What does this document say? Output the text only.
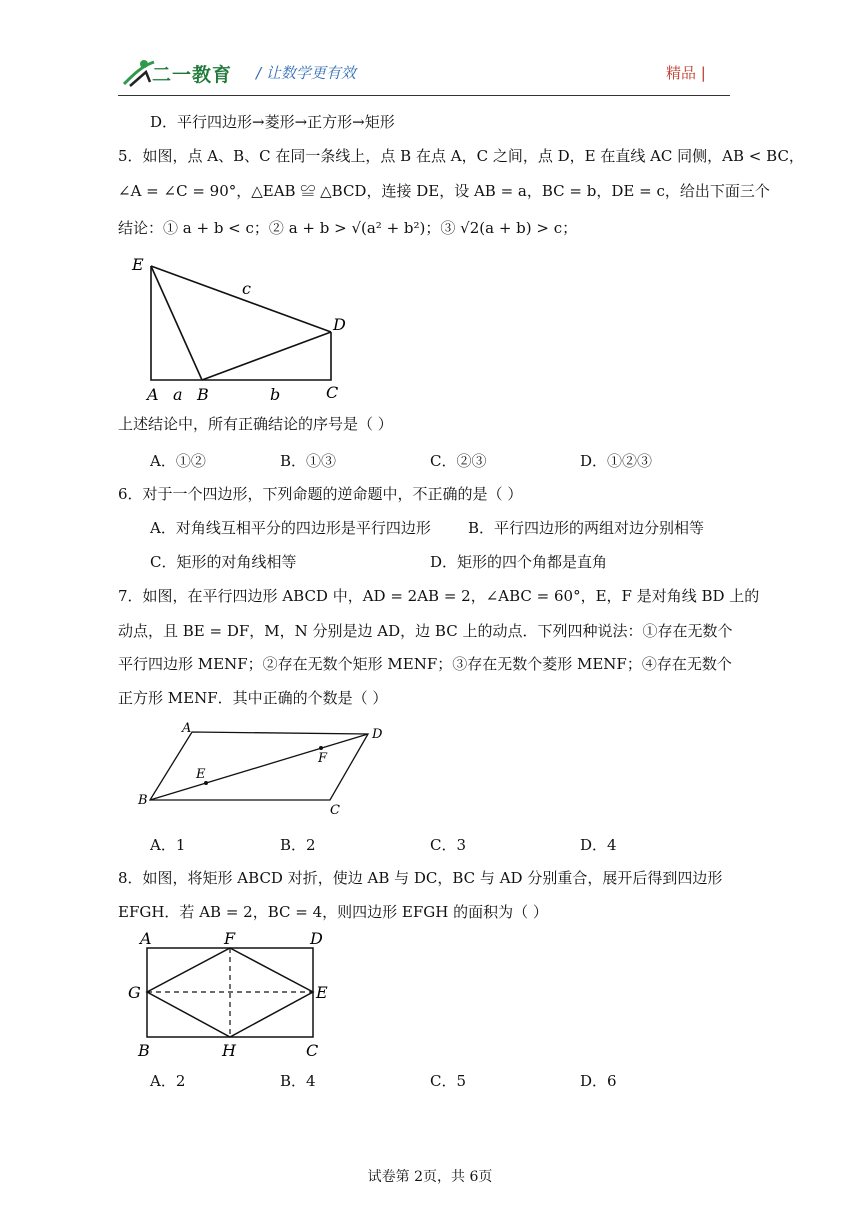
二一教育 / 让数学更有效	精品 |
D．平行四边形→菱形→正方形→矩形
5．如图，点 A、B、C 在同一条线上，点 B 在点 A，C 之间，点 D，E 在直线 AC 同侧，AB < BC，
∠A = ∠C = 90°，△EAB ≌ △BCD，连接 DE，设 AB = a，BC = b，DE = c，给出下面三个
结论：① a + b < c；② a + b > √(a² + b²)；③ √2(a + b) > c；
E
D
c
A a B	b	C
上述结论中，所有正确结论的序号是（ ）
A．①②	B．①③	C．②③	D．①②③
6．对于一个四边形，下列命题的逆命题中，不正确的是（ ）
A．对角线互相平分的四边形是平行四边形 B．平行四边形的两组对边分别相等
C．矩形的对角线相等	D．矩形的四个角都是直角
7．如图，在平行四边形 ABCD 中，AD = 2AB = 2，∠ABC = 60°，E，F 是对角线 BD 上的
动点，且 BE = DF，M，N 分别是边 AD，边 BC 上的动点．下列四种说法：①存在无数个
平行四边形 MENF；②存在无数个矩形 MENF；③存在无数个菱形 MENF；④存在无数个
正方形 MENF．其中正确的个数是（ ）
A	D
B
C
E
F
A．1	B．2	C．3	D．4
8．如图，将矩形 ABCD 对折，使边 AB 与 DC，BC 与 AD 分别重合，展开后得到四边形
EFGH．若 AB = 2，BC = 4，则四边形 EFGH 的面积为（ ）
A	F	D
G	E
B	H	C
A．2	B．4	C．5	D．6
试卷第 2页，共 6页
